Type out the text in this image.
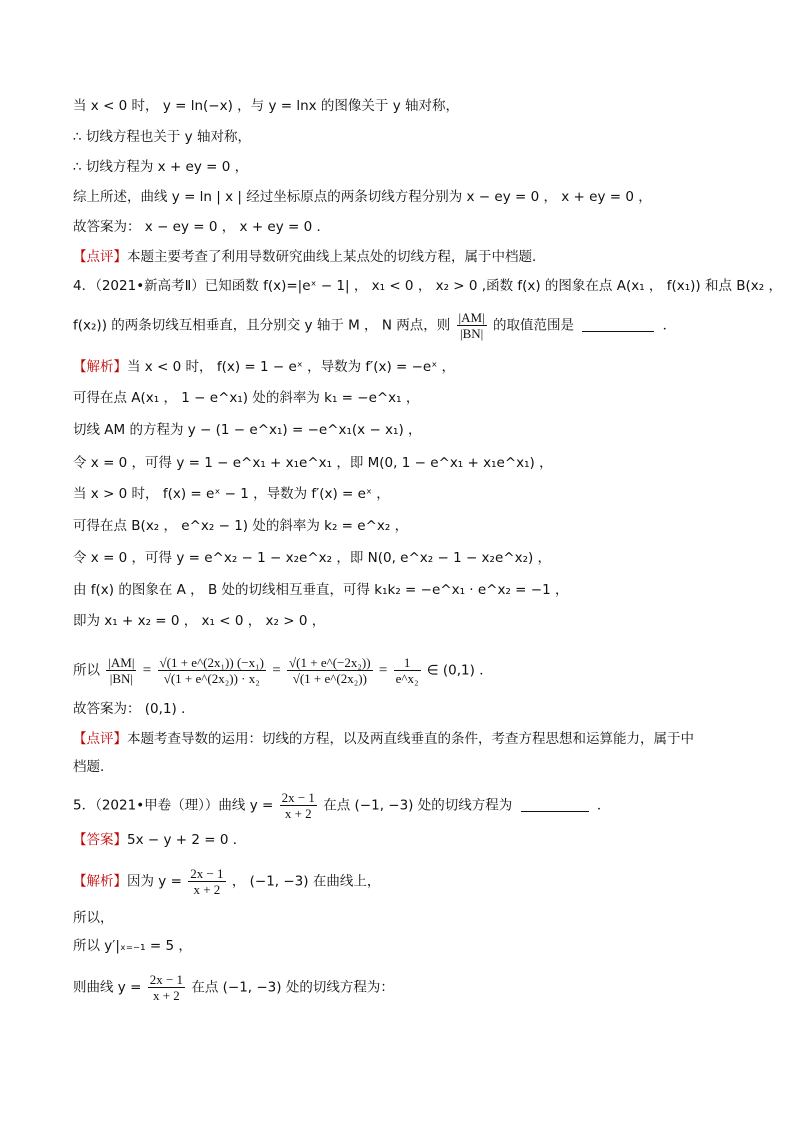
当 x < 0 时， y = ln(−x) ，与 y = lnx 的图像关于 y 轴对称，
∴ 切线方程也关于 y 轴对称，
∴ 切线方程为 x + ey = 0 ，
综上所述，曲线 y = ln | x | 经过坐标原点的两条切线方程分别为 x − ey = 0 ， x + ey = 0 ，
故答案为： x − ey = 0 ， x + ey = 0 ．
【点评】本题主要考查了利用导数研究曲线上某点处的切线方程，属于中档题．
4．（2021•新高考Ⅱ）已知函数 f(x)=|eˣ − 1| ， x₁ < 0 ， x₂ > 0 ,函数 f(x) 的图象在点 A(x₁ ， f(x₁)) 和点 B(x₂ ，
f(x₂)) 的两条切线互相垂直，且分别交 y 轴于 M ， N 两点，则 $\frac{|AM|}{|BN|}$ 的取值范围是	．
【解析】当 x < 0 时， f(x) = 1 − eˣ ，导数为 f′(x) = −eˣ ，
可得在点 A(x₁ ， 1 − e^x₁) 处的斜率为 k₁ = −e^x₁ ，
切线 AM 的方程为 y − (1 − e^x₁) = −e^x₁(x − x₁) ，
令 x = 0 ，可得 y = 1 − e^x₁ + x₁e^x₁ ，即 M(0, 1 − e^x₁ + x₁e^x₁) ，
当 x > 0 时， f(x) = eˣ − 1 ，导数为 f′(x) = eˣ ，
可得在点 B(x₂ ， e^x₂ − 1) 处的斜率为 k₂ = e^x₂ ，
令 x = 0 ，可得 y = e^x₂ − 1 − x₂e^x₂ ，即 N(0, e^x₂ − 1 − x₂e^x₂) ，
由 f(x) 的图象在 A ， B 处的切线相互垂直，可得 k₁k₂ = −e^x₁ · e^x₂ = −1 ，
即为 x₁ + x₂ = 0 ， x₁ < 0 ， x₂ > 0 ，
所以 $\frac{|AM|}{|BN|} = \frac{\text{√(1 + e\textasciicircum{}(2x₁)) (−x₁)}}{\text{√(1 + e\textasciicircum{}(2x₂)) · x₂}} = \frac{\text{√(1 + e\textasciicircum{}(−2x₂))}}{\text{√(1 + e\textasciicircum{}(2x₂))}} = \frac{1}{\text{e\textasciicircum{}x₂}}$ ∈ (0,1) ．
故答案为： (0,1) ．
【点评】本题考查导数的运用：切线的方程，以及两直线垂直的条件，考查方程思想和运算能力，属于中
档题．
5．（2021•甲卷（理））曲线 $y = \frac{2x - 1}{x + 2}$ 在点 (−1, −3) 处的切线方程为	．
【答案】5x − y + 2 = 0 ．
【解析】因为 $y = \frac{2x - 1}{x + 2}$ ， (−1, −3) 在曲线上，
所以，
所以 y′|ₓ₌₋₁ = 5 ，
则曲线 $y = \frac{2x - 1}{x + 2}$ 在点 (−1, −3) 处的切线方程为：
